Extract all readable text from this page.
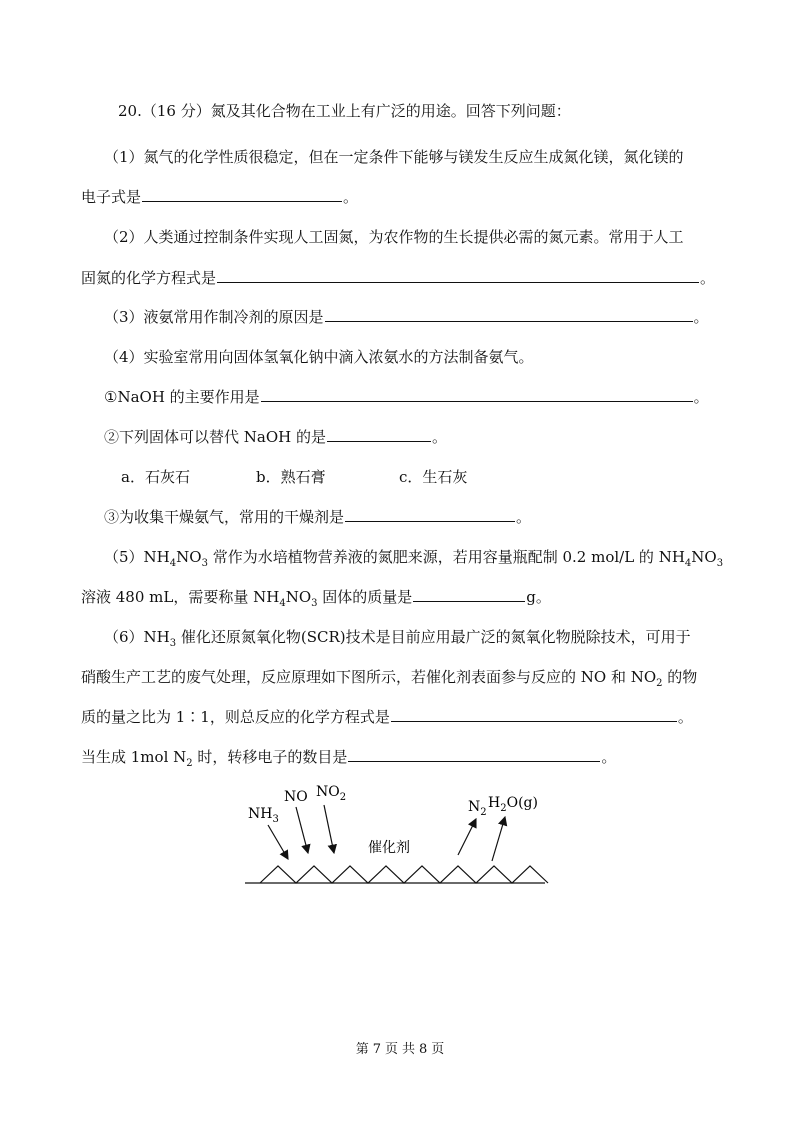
20.（16 分）氮及其化合物在工业上有广泛的用途。回答下列问题：
（1）氮气的化学性质很稳定，但在一定条件下能够与镁发生反应生成氮化镁，氮化镁的
电子式是	。
（2）人类通过控制条件实现人工固氮，为农作物的生长提供必需的氮元素。常用于人工
固氮的化学方程式是	。
（3）液氨常用作制冷剂的原因是	。
（4）实验室常用向固体氢氧化钠中滴入浓氨水的方法制备氨气。
①NaOH 的主要作用是	。
②下列固体可以替代 NaOH 的是	。
a．石灰石	b．熟石膏	c．生石灰
③为收集干燥氨气，常用的干燥剂是	。
$(5)NH_4NO_3$ 常作为水培植物营养液的氮肥来源，若用容量瓶配制 0.2 mol/L 的 $NH_4NO_3$
溶液 480 mL，需要称量 $NH_4NO_3$ 固体的质量是	g。
$(6)NH_3$ 催化还原氮氧化物(SCR)技术是目前应用最广泛的氮氧化物脱除技术，可用于
硝酸生产工艺的废气处理，反应原理如下图所示，若催化剂表面参与反应的 NO 和 $NO_2$ 的物
质的量之比为 1∶1，则总反应的化学方程式是	。
当生成 1mol $N_2$ 时，转移电子的数目是	。
$NH_3$
NO $NO_2$
$N_2$
$H_2O(g)$
催化剂
第 7 页 共 8 页
